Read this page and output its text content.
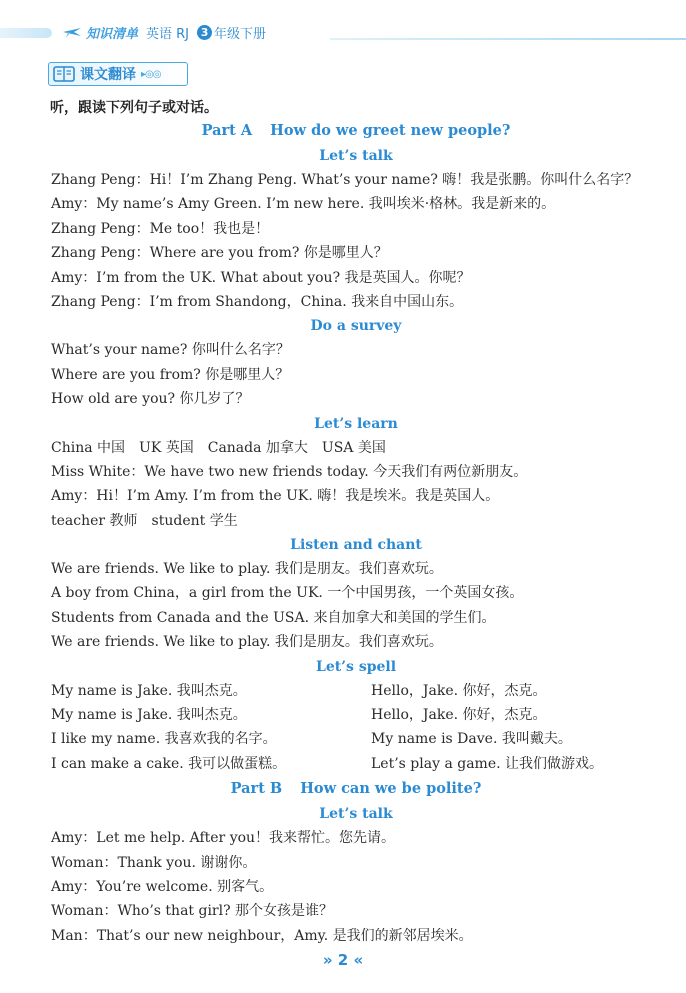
知识清单 英语 RJ	3 年级下册
课文翻译 ▸◎◎
听，跟读下列句子或对话。
Part A How do we greet new people?
Let’s talk
Zhang Peng：Hi！I’m Zhang Peng. What’s your name? 嗨！我是张鹏。你叫什么名字？
Amy：My name’s Amy Green. I’m new here. 我叫埃米·格林。我是新来的。
Zhang Peng：Me too！我也是！
Zhang Peng：Where are you from? 你是哪里人？
Amy：I’m from the UK. What about you? 我是英国人。你呢？
Zhang Peng：I’m from Shandong，China. 我来自中国山东。
Do a survey
What’s your name? 你叫什么名字？
Where are you from? 你是哪里人？
How old are you? 你几岁了？
Let’s learn
China 中国　UK 英国　Canada 加拿大　USA 美国
Miss White：We have two new friends today. 今天我们有两位新朋友。
Amy：Hi！I’m Amy. I’m from the UK. 嗨！我是埃米。我是英国人。
teacher 教师　student 学生
Listen and chant
We are friends. We like to play. 我们是朋友。我们喜欢玩。
A boy from China，a girl from the UK. 一个中国男孩，一个英国女孩。
Students from Canada and the USA. 来自加拿大和美国的学生们。
We are friends. We like to play. 我们是朋友。我们喜欢玩。
Let’s spell
My name is Jake. 我叫杰克。	Hello，Jake. 你好，杰克。
My name is Jake. 我叫杰克。	Hello，Jake. 你好，杰克。
I like my name. 我喜欢我的名字。	My name is Dave. 我叫戴夫。
I can make a cake. 我可以做蛋糕。	Let’s play a game. 让我们做游戏。
Part B How can we be polite?
Let’s talk
Amy：Let me help. After you！我来帮忙。您先请。
Woman：Thank you. 谢谢你。
Amy：You’re welcome. 别客气。
Woman：Who’s that girl? 那个女孩是谁？
Man：That’s our new neighbour，Amy. 是我们的新邻居埃米。
» 2 «
